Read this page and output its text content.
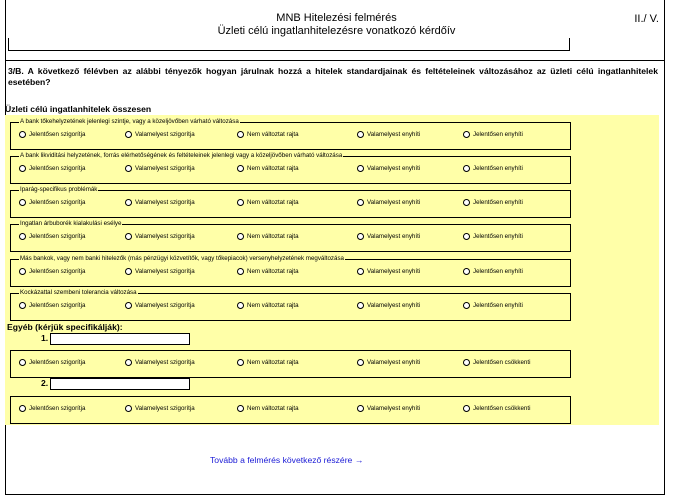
MNB Hitelezési felmérés
Üzleti célú ingatlanhitelezésre vonatkozó kérdőív
II./ V.
3/B. A következő félévben az alábbi tényezők hogyan járulnak hozzá a hitelek standardjainak és feltételeinek változásához az üzleti célú ingatlanhitelek esetében?
Üzleti célú ingatlanhitelek összesen
A bank tőkehelyzetének jelenlegi szintje, vagy a közeljövőben várható változása
Jelentősen szigorítja	Valamelyest szigorítja	Nem változtat rajta	Valamelyest enyhíti	Jelentősen enyhíti
A bank likviditási helyzetének, forrás elérhetőségének és feltételeinek jelenlegi vagy a közeljövőben várható változása
Jelentősen szigorítja	Valamelyest szigorítja	Nem változtat rajta	Valamelyest enyhíti	Jelentősen enyhíti
Iparág-specifikus problémák
Jelentősen szigorítja	Valamelyest szigorítja	Nem változtat rajta	Valamelyest enyhíti	Jelentősen enyhíti
Ingatlan árbuborék kialakulási esélye
Jelentősen szigorítja	Valamelyest szigorítja	Nem változtat rajta	Valamelyest enyhíti	Jelentősen enyhíti
Más bankok, vagy nem banki hitelezők (más pénzügyi közvetítők, vagy tőkepiacok) versenyhelyzetének megváltozása
Jelentősen szigorítja	Valamelyest szigorítja	Nem változtat rajta	Valamelyest enyhíti	Jelentősen enyhíti
Kockázattal szembeni tolerancia változása
Jelentősen szigorítja	Valamelyest szigorítja	Nem változtat rajta	Valamelyest enyhíti	Jelentősen enyhíti
Jelentősen szigorítja	Valamelyest szigorítja	Nem változtat rajta	Valamelyest enyhíti	Jelentősen csökkenti
Jelentősen szigorítja	Valamelyest szigorítja	Nem változtat rajta	Valamelyest enyhíti	Jelentősen csökkenti
Egyéb (kérjük specifikálják):
1.
2.
Tovább a felmérés következő részére →
